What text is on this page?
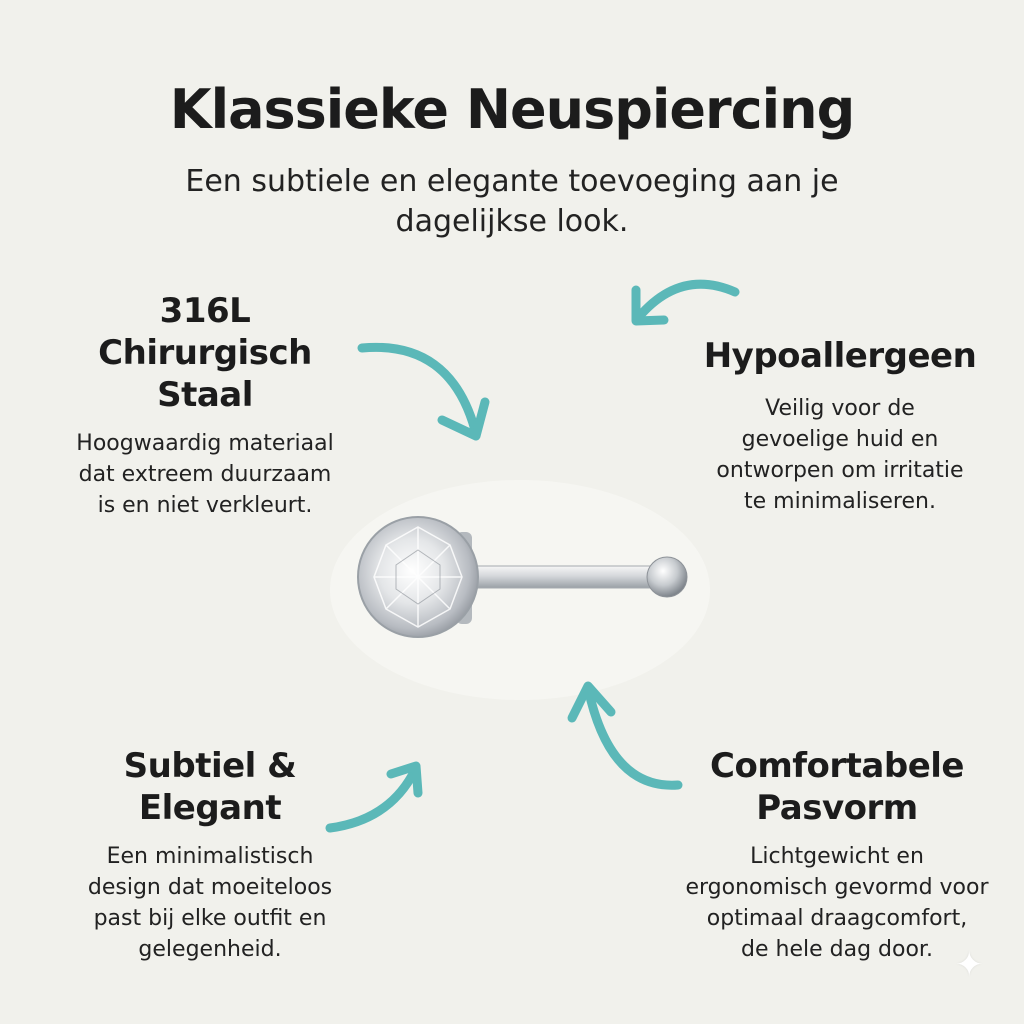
Klassieke Neuspiercing

Een subtiele en elegante toevoeging aan je dagelijkse look.

316L
Chirurgisch
Staal

Hoogwaardig materiaal
dat extreem duurzaam
is en niet verkleurt.

Hypoallergeen

Veilig voor de
gevoelige huid en
ontworpen om irritatie
te minimaliseren.

Subtiel &
Elegant

Een minimalistisch
design dat moeiteloos
past bij elke outfit en
gelegenheid.

Comfortabele
Pasvorm

Lichtgewicht en
ergonomisch gevormd voor
optimaal draagcomfort,
de hele dag door. ✦
